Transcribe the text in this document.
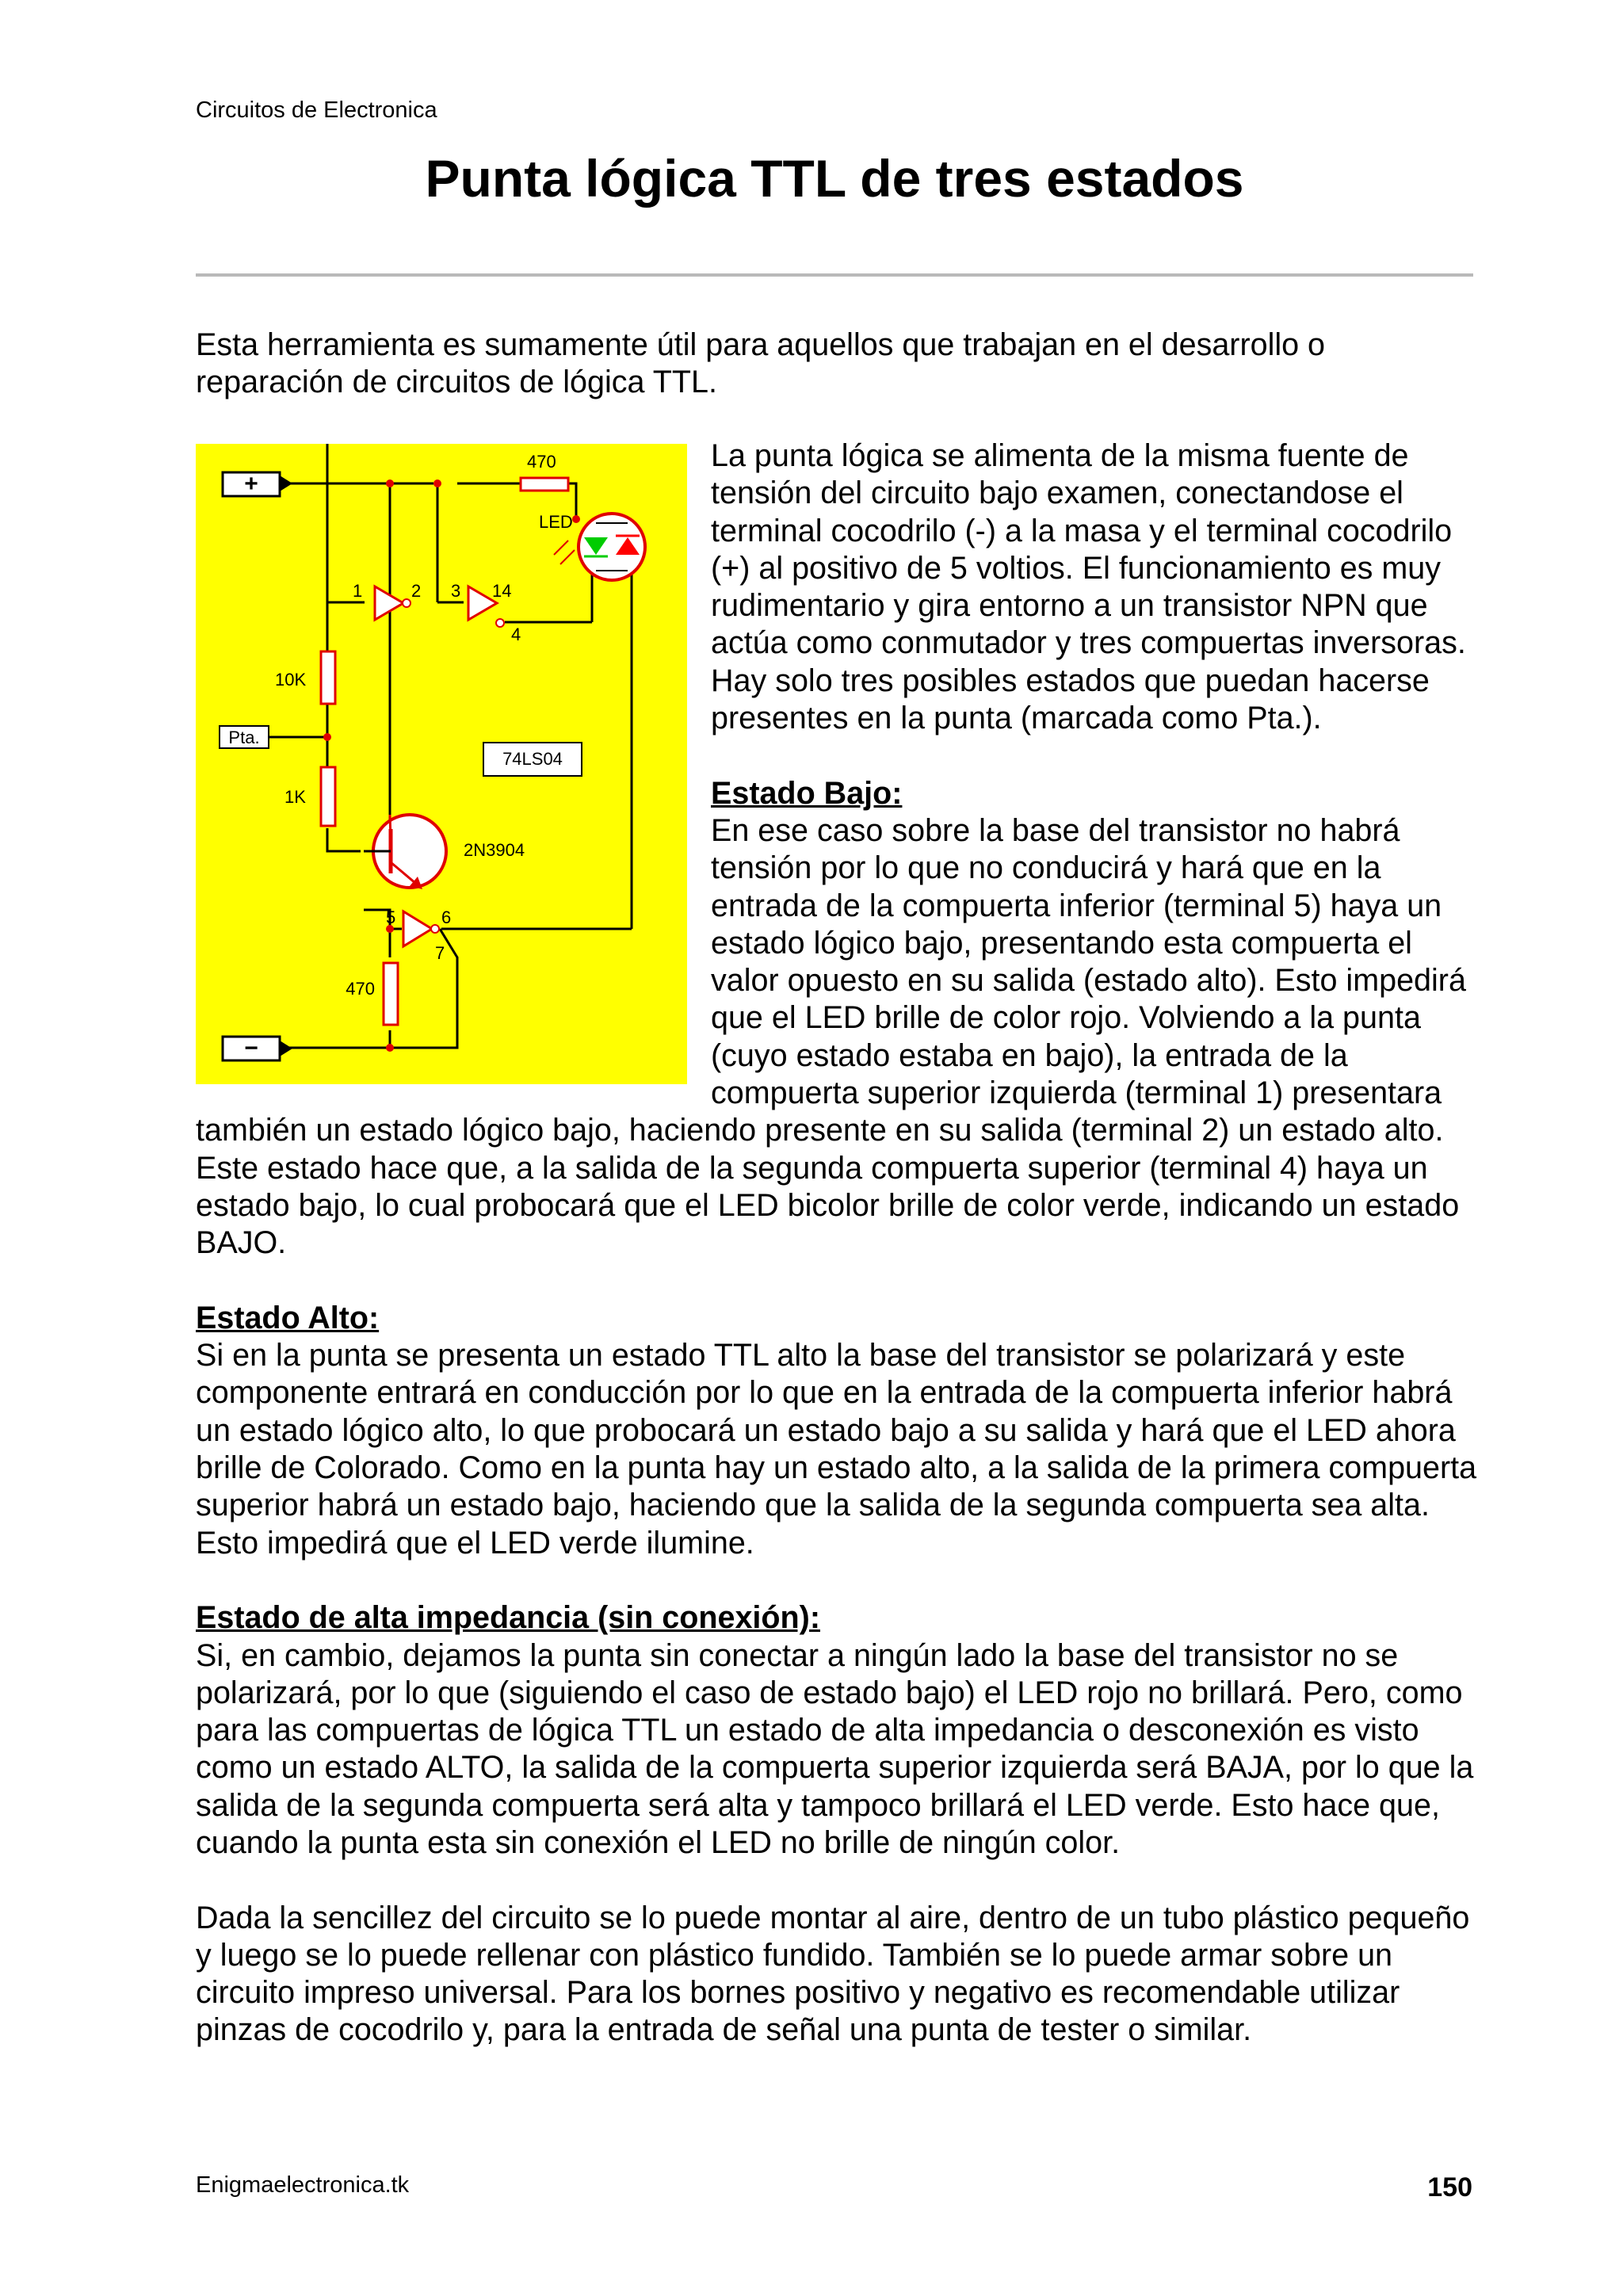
Circuitos de Electronica
Punta lógica TTL de tres estados
Esta herramienta es sumamente útil para aquellos que trabajan en el desarrollo o reparación de circuitos de lógica TTL.
+
−
Pta.
470
10K
1K
470
1	2 3 14
4
5	6
7
2N3904
74LS04
LED

La punta lógica se alimenta de la misma fuente de tensión del circuito bajo examen, conectandose el terminal cocodrilo (-) a la masa y el terminal cocodrilo (+) al positivo de 5 voltios. El funcionamiento es muy rudimentario y gira entorno a un transistor NPN que actúa como conmutador y tres compuertas inversoras. Hay solo tres posibles estados que puedan hacerse presentes en la punta (marcada como Pta.).

Estado Bajo:

En ese caso sobre la base del transistor no habrá tensión por lo que no conducirá y hará que en la entrada de la compuerta inferior (terminal 5) haya un estado lógico bajo, presentando esta compuerta el valor opuesto en su salida (estado alto). Esto impedirá que el LED brille de color rojo. Volviendo a la punta (cuyo estado estaba en bajo), la entrada de la compuerta superior izquierda (terminal 1) presentara también un estado lógico bajo, haciendo presente en su salida (terminal 2) un estado alto. Este estado hace que, a la salida de la segunda compuerta superior (terminal 4) haya un estado bajo, lo cual probocará que el LED bicolor brille de color verde, indicando un estado BAJO.

Estado Alto:

Si en la punta se presenta un estado TTL alto la base del transistor se polarizará y este componente entrará en conducción por lo que en la entrada de la compuerta inferior habrá un estado lógico alto, lo que probocará un estado bajo a su salida y hará que el LED ahora brille de Colorado. Como en la punta hay un estado alto, a la salida de la primera compuerta superior habrá un estado bajo, haciendo que la salida de la segunda compuerta sea alta. Esto impedirá que el LED verde ilumine.

Estado de alta impedancia (sin conexión):

Si, en cambio, dejamos la punta sin conectar a ningún lado la base del transistor no se polarizará, por lo que (siguiendo el caso de estado bajo) el LED rojo no brillará. Pero, como para las compuertas de lógica TTL un estado de alta impedancia o desconexión es visto como un estado ALTO, la salida de la compuerta superior izquierda será BAJA, por lo que la salida de la segunda compuerta será alta y tampoco brillará el LED verde. Esto hace que, cuando la punta esta sin conexión el LED no brille de ningún color.

Dada la sencillez del circuito se lo puede montar al aire, dentro de un tubo plástico pequeño y luego se lo puede rellenar con plástico fundido. También se lo puede armar sobre un circuito impreso universal. Para los bornes positivo y negativo es recomendable utilizar pinzas de cocodrilo y, para la entrada de señal una punta de tester o similar.

Enigmaelectronica.tk	150
